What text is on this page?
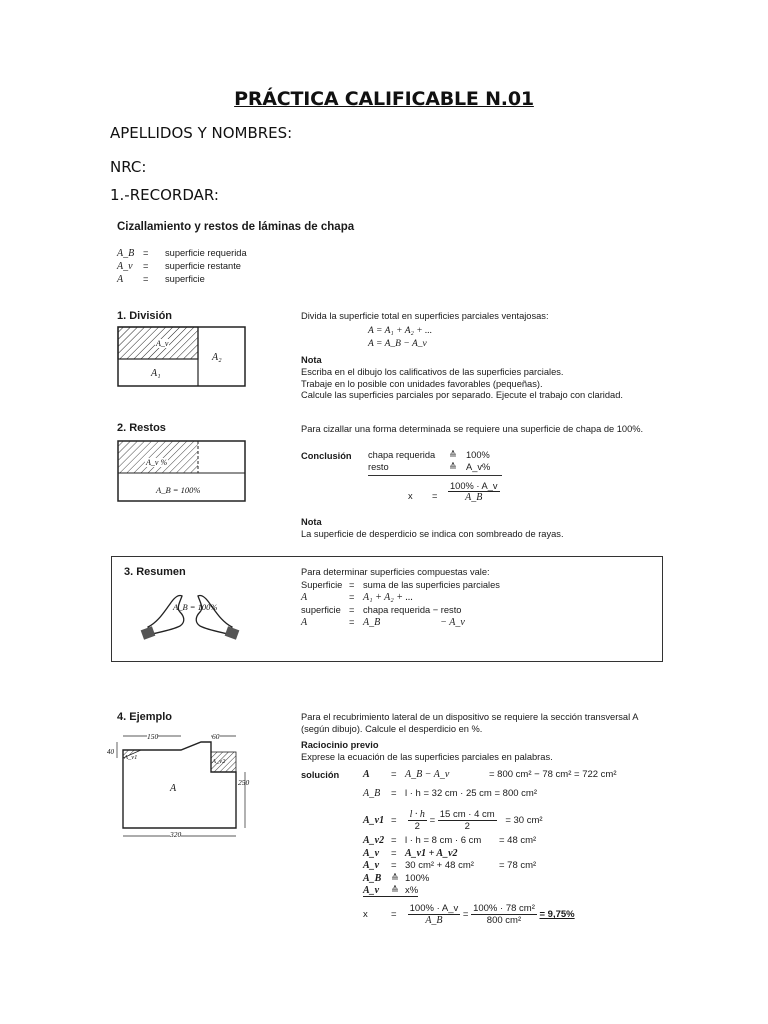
PRÁCTICA CALIFICABLE N.01
APELLIDOS Y NOMBRES:
NRC:
1.-RECORDAR:
Cizallamiento y restos de láminas de chapa
A_B = superficie requerida
A_v = superficie restante
A = superficie
1. División
A_v
A₁
A₂
Divida la superficie total en superficies parciales ventajosas:
A = A₁ + A₂ + ...
A = A_B − A_v
Nota
Escriba en el dibujo los calificativos de las superficies parciales.
Trabaje en lo posible con unidades favorables (pequeñas).
Calcule las superficies parciales por separado. Ejecute el trabajo con claridad.
2. Restos
A_v %
A_B = 100%
Para cizallar una forma determinada se requiere una superficie de chapa de 100%.
Conclusión chapa requerida ≙ 100%
resto	≙ A_v%
$x = \frac{100\% \cdot A\_v}{A\_B}$
Nota
La superficie de desperdicio se indica con sombreado de rayas.
3. Resumen
A_B = 100%
Para determinar superficies compuestas vale:
Superficie = suma de las superficies parciales
A	= A₁ + A₂ + ...
superficie = chapa requerida − resto
A	= A_B                        − A_v
4. Ejemplo
150	60
40
250
320
A
A_v1
A_v2
Para el recubrimiento lateral de un dispositivo se requiere la sección transversal A
(según dibujo). Calcule el desperdicio en %.
Raciocinio previo
Exprese la ecuación de las superficies parciales en palabras.
solución A = A_B − A_v	= 800 cm² − 78 cm² = 722 cm²
A_B = l · h = 32 cm · 25 cm = 800 cm²
A_v1 = $\frac{l \cdot h}{2} = \frac{15 cm \cdot 4 cm}{2} = 30$ cm²
A_v2 = l · h = 8 cm · 6 cm = 48 cm²
A_v = A_v1 + A_v2
A_v = 30 cm² + 48 cm²	= 78 cm²
A_B ≙ 100%
A_v ≙ x%
$x = \frac{100\% \cdot A\_v}{A\_B} = \frac{\text{100\% · 78 cm²}}{\text{800 cm²}} = 9,75\%$
